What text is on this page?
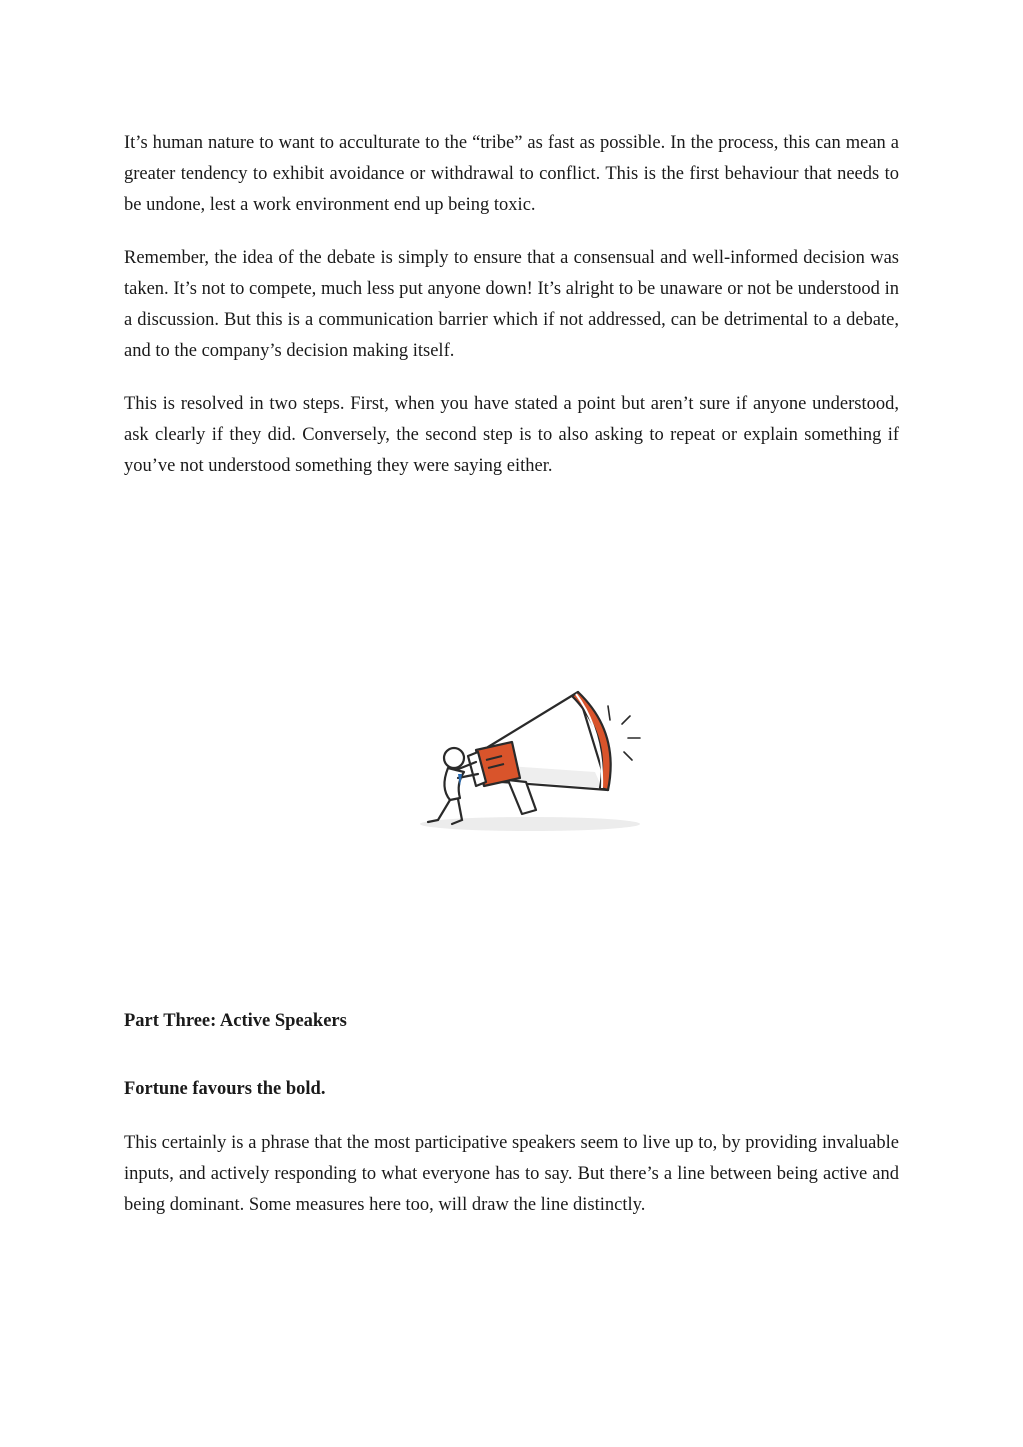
It’s human nature to want to acculturate to the “tribe” as fast as possible. In the process, this can mean a greater tendency to exhibit avoidance or withdrawal to conflict. This is the first behaviour that needs to be undone, lest a work environment end up being toxic.

Remember, the idea of the debate is simply to ensure that a consensual and well-informed decision was taken. It’s not to compete, much less put anyone down! It’s alright to be unaware or not be understood in a discussion. But this is a communication barrier which if not addressed, can be detrimental to a debate, and to the company’s decision making itself.

This is resolved in two steps. First, when you have stated a point but aren’t sure if anyone understood, ask clearly if they did. Conversely, the second step is to also asking to repeat or explain something if you’ve not understood something they were saying either.

Part Three: Active Speakers
Fortune favours the bold.

This certainly is a phrase that the most participative speakers seem to live up to, by providing invaluable inputs, and actively responding to what everyone has to say. But there’s a line between being active and being dominant. Some measures here too, will draw the line distinctly.
